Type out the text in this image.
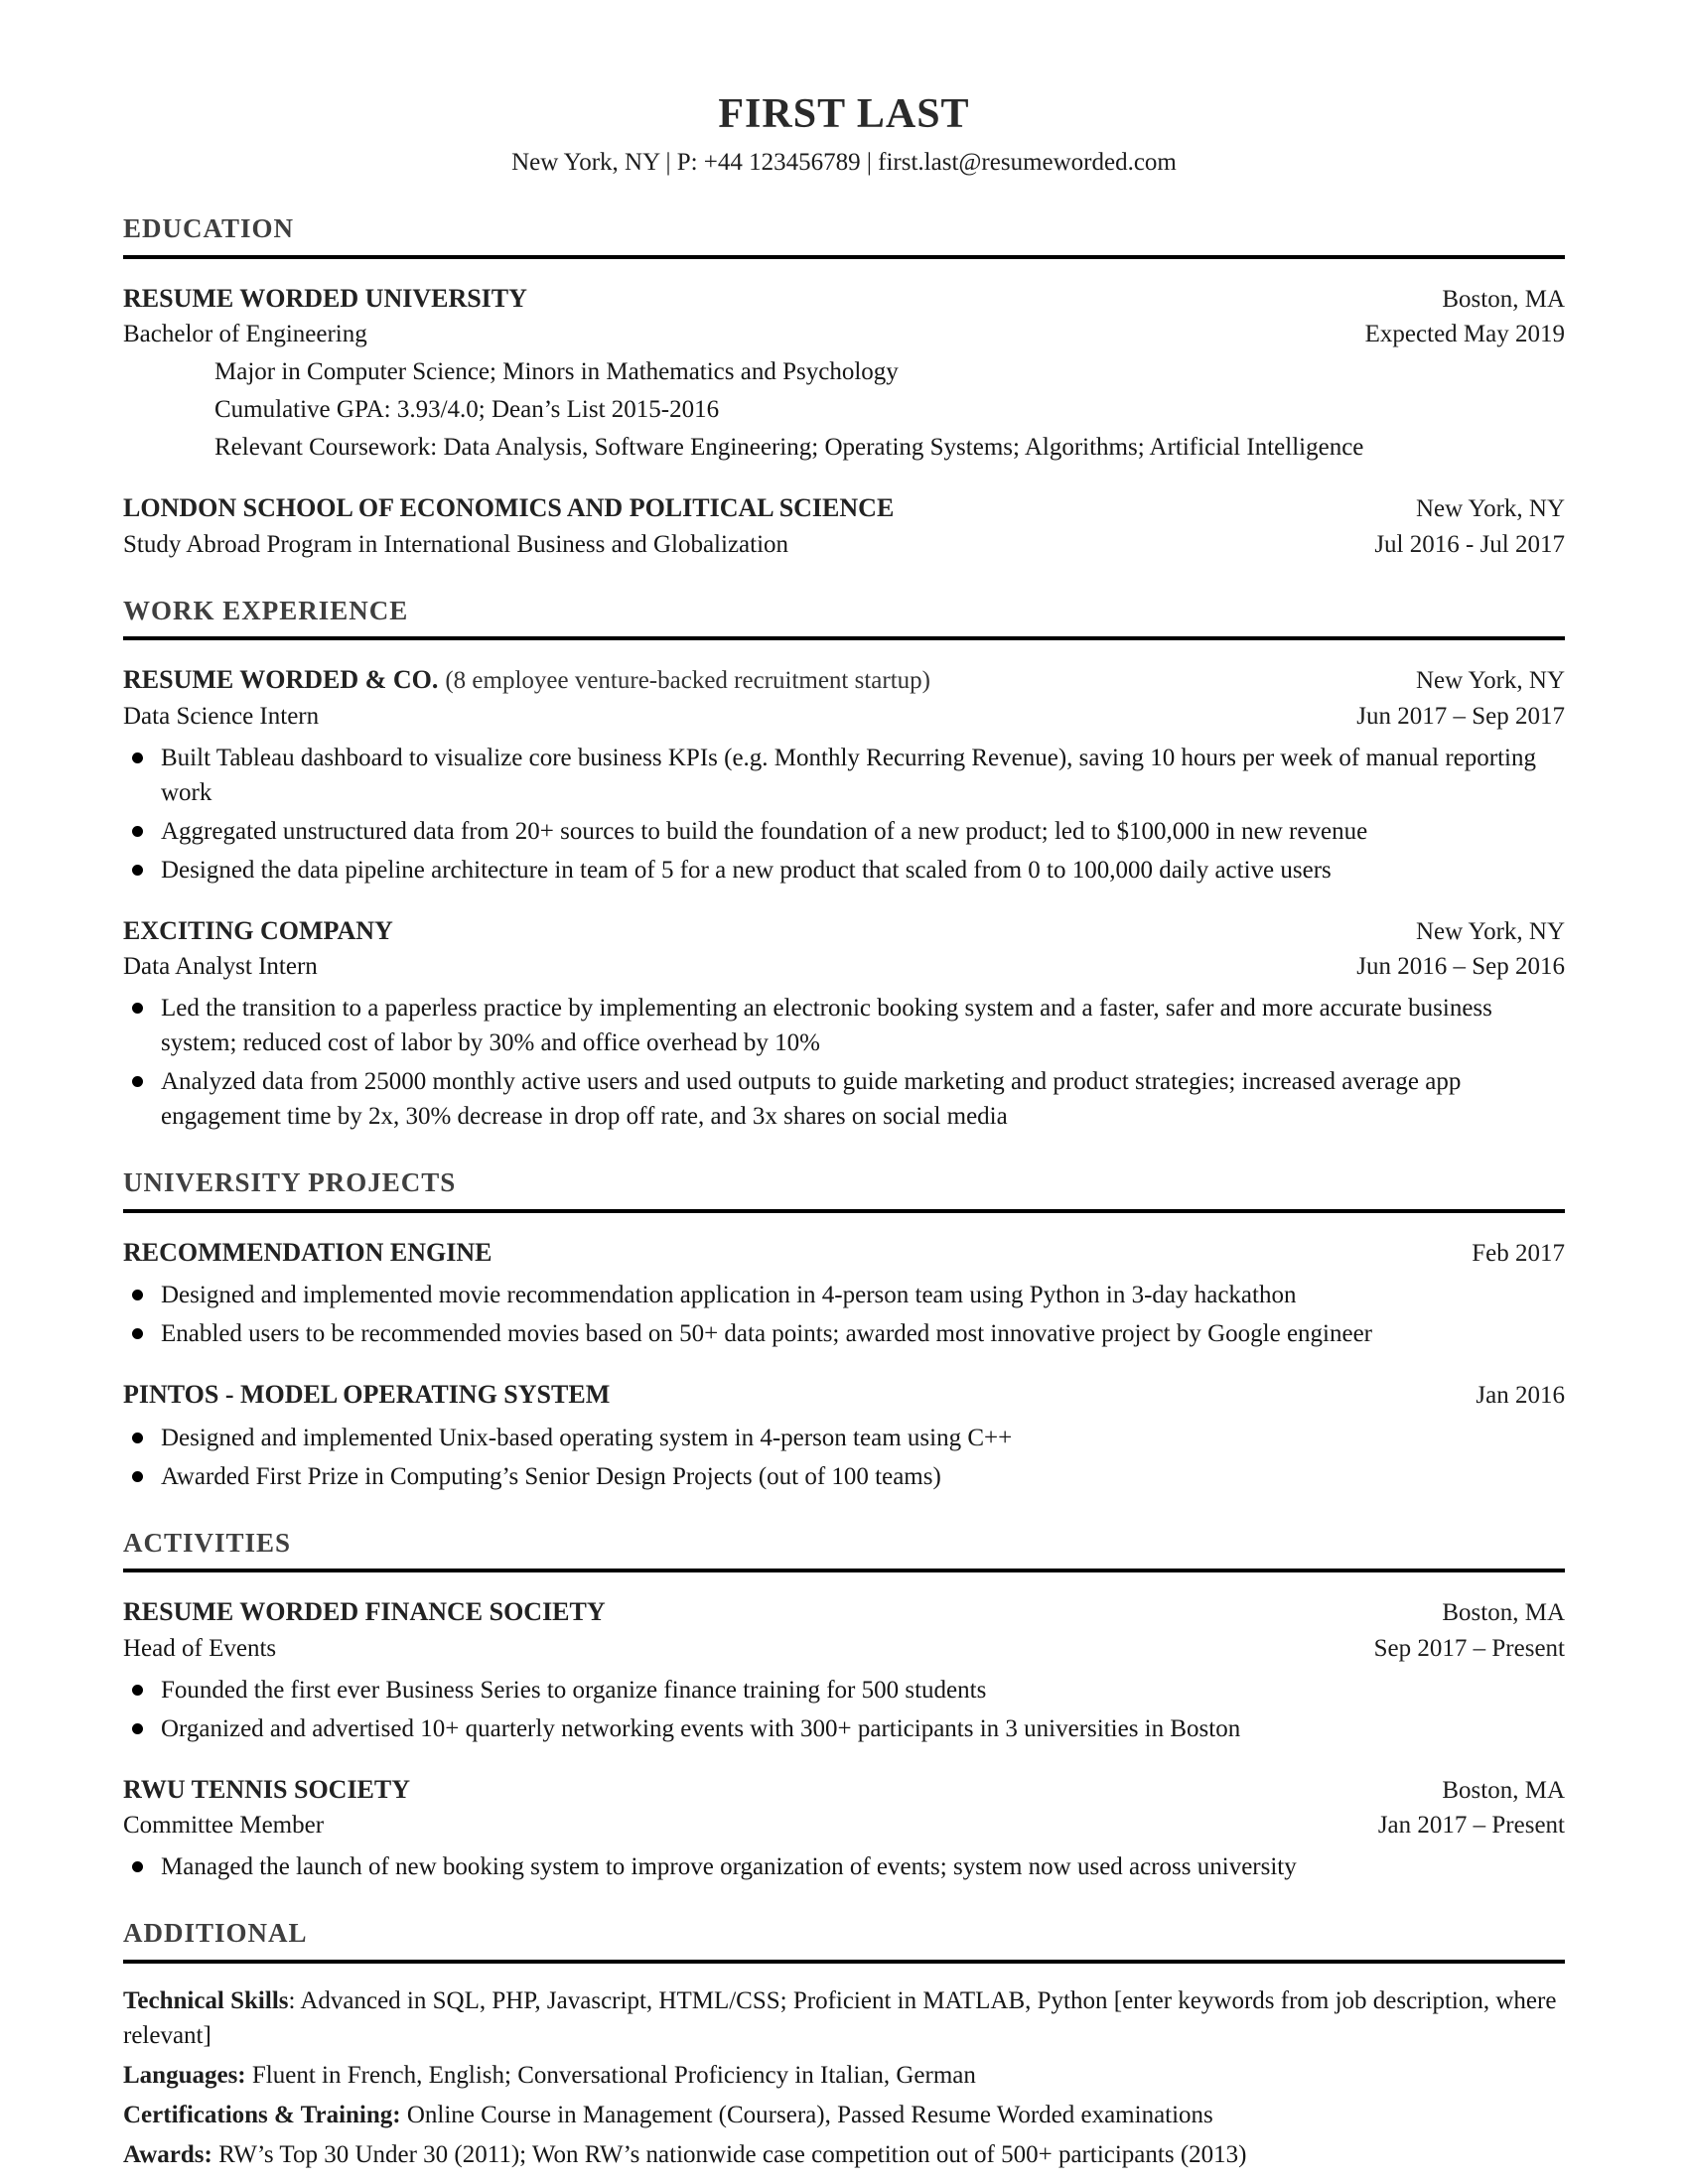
FIRST LAST
New York, NY | P: +44 123456789 | first.last@resumeworded.com
EDUCATION
RESUME WORDED UNIVERSITY	Boston, MA
Bachelor of Engineering	Expected May 2019
Major in Computer Science; Minors in Mathematics and Psychology
Cumulative GPA: 3.93/4.0; Dean’s List 2015-2016
Relevant Coursework: Data Analysis, Software Engineering; Operating Systems; Algorithms; Artificial Intelligence
LONDON SCHOOL OF ECONOMICS AND POLITICAL SCIENCE	New York, NY
Study Abroad Program in International Business and Globalization	Jul 2016 - Jul 2017
WORK EXPERIENCE
RESUME WORDED & CO. (8 employee venture-backed recruitment startup)	New York, NY
Data Science Intern	Jun 2017 – Sep 2017
Built Tableau dashboard to visualize core business KPIs (e.g. Monthly Recurring Revenue), saving 10 hours per week of manual reporting work
Aggregated unstructured data from 20+ sources to build the foundation of a new product; led to $100,000 in new revenue
Designed the data pipeline architecture in team of 5 for a new product that scaled from 0 to 100,000 daily active users
EXCITING COMPANY	New York, NY
Data Analyst Intern	Jun 2016 – Sep 2016
Led the transition to a paperless practice by implementing an electronic booking system and a faster, safer and more accurate business system; reduced cost of labor by 30% and office overhead by 10%
Analyzed data from 25000 monthly active users and used outputs to guide marketing and product strategies; increased average app engagement time by 2x, 30% decrease in drop off rate, and 3x shares on social media
UNIVERSITY PROJECTS
RECOMMENDATION ENGINE	Feb 2017
Designed and implemented movie recommendation application in 4-person team using Python in 3-day hackathon
Enabled users to be recommended movies based on 50+ data points; awarded most innovative project by Google engineer
PINTOS - MODEL OPERATING SYSTEM	Jan 2016
Designed and implemented Unix-based operating system in 4-person team using C++
Awarded First Prize in Computing’s Senior Design Projects (out of 100 teams)
ACTIVITIES
RESUME WORDED FINANCE SOCIETY	Boston, MA
Head of Events	Sep 2017 – Present
Founded the first ever Business Series to organize finance training for 500 students
Organized and advertised 10+ quarterly networking events with 300+ participants in 3 universities in Boston
RWU TENNIS SOCIETY	Boston, MA
Committee Member	Jan 2017 – Present
Managed the launch of new booking system to improve organization of events; system now used across university
ADDITIONAL

Technical Skills: Advanced in SQL, PHP, Javascript, HTML/CSS; Proficient in MATLAB, Python [enter keywords from job description, where relevant]

Languages: Fluent in French, English; Conversational Proficiency in Italian, German

Certifications & Training: Online Course in Management (Coursera), Passed Resume Worded examinations

Awards: RW’s Top 30 Under 30 (2011); Won RW’s nationwide case competition out of 500+ participants (2013)
